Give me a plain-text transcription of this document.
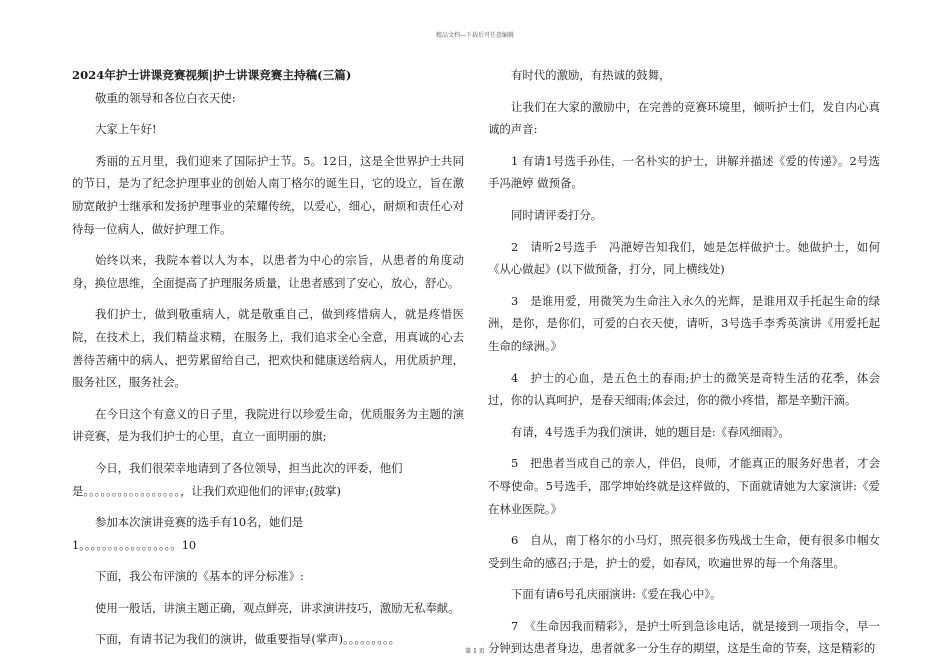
精品文档---下载后可任意编辑
2024年护士讲课竞赛视频|护士讲课竞赛主持稿(三篇)

敬重的领导和各位白衣天使:

大家上午好!

秀丽的五月里，我们迎来了国际护士节。5。12日，这是全世界护士共同的节日，是为了纪念护理事业的创始人南丁格尔的诞生日，它的设立，旨在激励宽敞护士继承和发扬护理事业的荣耀传统，以爱心，细心，耐烦和责任心对待每一位病人，做好护理工作。

始终以来，我院本着以人为本，以患者为中心的宗旨，从患者的角度动身，换位思维，全面提高了护理服务质量，让患者感到了安心，放心，舒心。

我们护士，做到敬重病人，就是敬重自己，做到疼惜病人，就是疼惜医院，在技术上，我们精益求精，在服务上，我们追求全心全意，用真诚的心去善待苦痛中的病人，把劳累留给自己，把欢快和健康送给病人，用优质护理，服务社区，服务社会。

在今日这个有意义的日子里，我院进行以珍爱生命，优质服务为主题的演讲竞赛，是为我们护士的心里，直立一面明丽的旗;

今日，我们很荣幸地请到了各位领导，担当此次的评委，他们

是。。。。。。。。。。。。。。。。。，让我们欢迎他们的评审;(鼓掌)

参加本次演讲竞赛的选手有10名，她们是

1。。。。。。。。。。。。。。。。。10

下面，我公布评演的《基本的评分标准》:

使用一般话，讲演主题正确，观点鲜亮，讲求演讲技巧，激励无私奉献。

下面，有请书记为我们的演讲，做重要指导(掌声)。。。。。。。。。

有时代的激励，有热诚的鼓舞，

让我们在大家的激励中，在完善的竞赛环境里，倾听护士们，发自内心真诚的声音:

1 有请1号选手孙佳，一名朴实的护士，讲解并描述《爱的传递》。2号选手冯滟婷 做预备。

同时请评委打分。

2　请听2号选手　冯滟婷告知我们，她是怎样做护士。她做护士，如何《从心做起》(以下做预备，打分，同上横线处)

3　是谁用爱，用微笑为生命注入永久的光辉，是谁用双手托起生命的绿洲，是你，是你们，可爱的白衣天使，请听，3号选手李秀英演讲《用爱托起生命的绿洲。》

4　护士的心血，是五色土的春雨;护士的微笑是奇特生活的花季，体会过，你的认真呵护，是春天细雨;体会过，你的微小疼惜，都是辛勤汗滴。

有请，4号选手为我们演讲，她的题目是:《春风细雨》。

5　把患者当成自己的亲人，伴侣，良师，才能真正的服务好患者，才会不辱使命。5号选手，邵学坤始终就是这样做的，下面就请她为大家演讲:《爱在林业医院。》

6　自从，南丁格尔的小马灯，照亮很多伤残战士生命，便有很多巾帼女受到生命的感召;于是，护士的爱，如春风，吹遍世界的每一个角落里。

下面有请6号孔庆丽演讲:《爱在我心中》。

7　《生命因我而精彩》，是护士听到急诊电话，就是接到一项指令，早一分钟到达患者身边，患者就多一分生存的期望，这是生命的节奏，这是精彩的

第 1 页
